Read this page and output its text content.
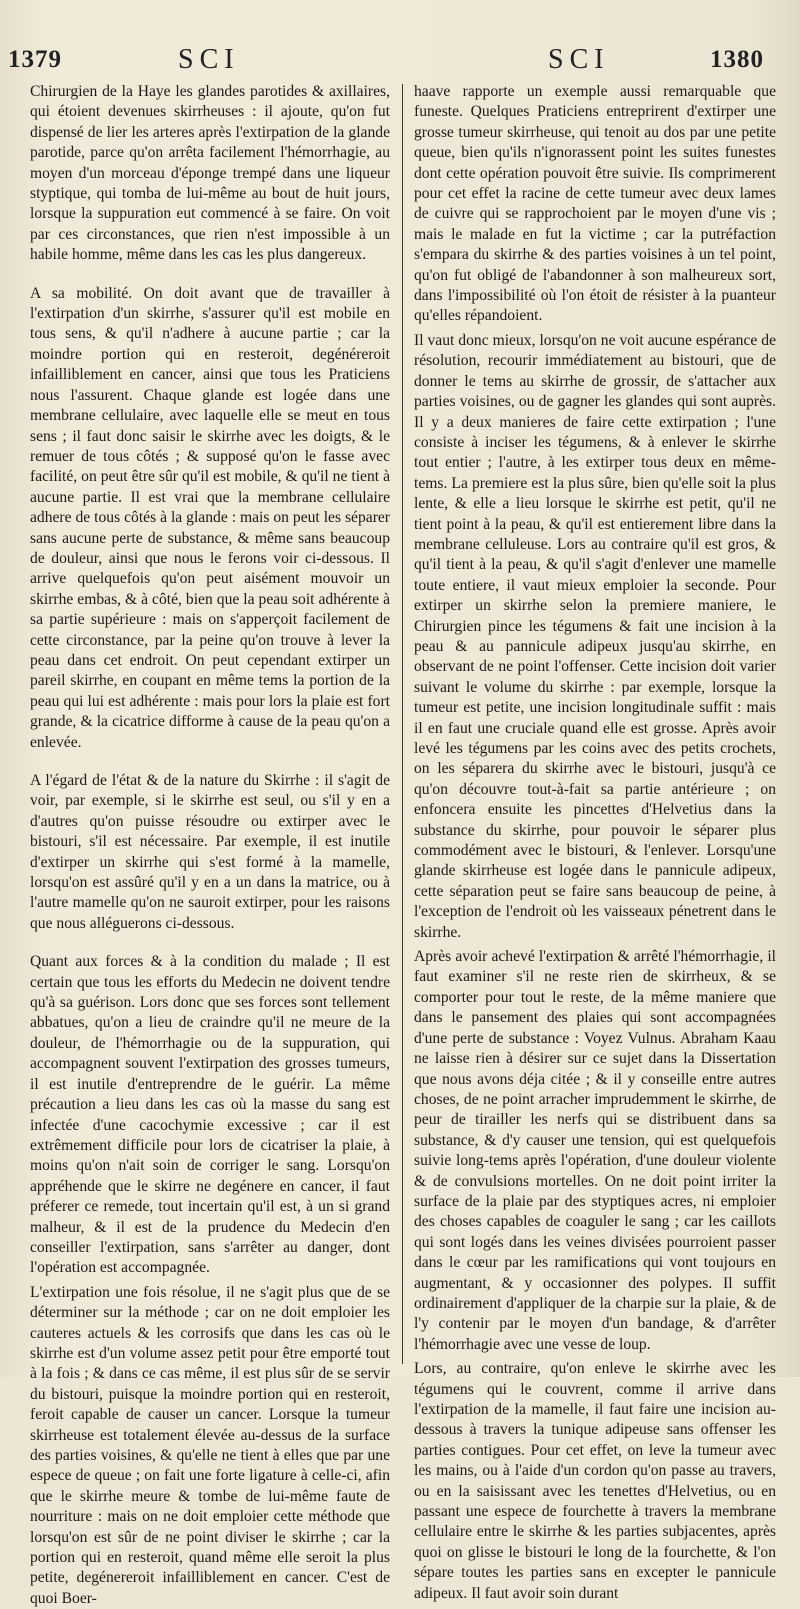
1379	SCI	SCI	1380

Chirurgien de la Haye les glandes parotides & axillaires, qui étoient devenues skirrheuses : il ajoute, qu'on fut dispensé de lier les arteres après l'extirpation de la glande parotide, parce qu'on arrêta facilement l'hémorrhagie, au moyen d'un morceau d'éponge trempé dans une liqueur styptique, qui tomba de lui-même au bout de huit jours, lorsque la suppuration eut commencé à se faire. On voit par ces circonstances, que rien n'est impossible à un habile homme, même dans les cas les plus dangereux.

A sa mobilité. On doit avant que de travailler à l'extirpation d'un skirrhe, s'assurer qu'il est mobile en tous sens, & qu'il n'adhere à aucune partie ; car la moindre portion qui en resteroit, degénéreroit infailliblement en cancer, ainsi que tous les Praticiens nous l'assurent. Chaque glande est logée dans une membrane cellulaire, avec laquelle elle se meut en tous sens ; il faut donc saisir le skirrhe avec les doigts, & le remuer de tous côtés ; & supposé qu'on le fasse avec facilité, on peut être sûr qu'il est mobile, & qu'il ne tient à aucune partie. Il est vrai que la membrane cellulaire adhere de tous côtés à la glande : mais on peut les séparer sans aucune perte de substance, & même sans beaucoup de douleur, ainsi que nous le ferons voir ci-dessous. Il arrive quelquefois qu'on peut aisément mouvoir un skirrhe embas, & à côté, bien que la peau soit adhérente à sa partie supérieure : mais on s'apperçoit facilement de cette circonstance, par la peine qu'on trouve à lever la peau dans cet endroit. On peut cependant extirper un pareil skirrhe, en coupant en même tems la portion de la peau qui lui est adhérente : mais pour lors la plaie est fort grande, & la cicatrice difforme à cause de la peau qu'on a enlevée.

A l'égard de l'état & de la nature du Skirrhe : il s'agit de voir, par exemple, si le skirrhe est seul, ou s'il y en a d'autres qu'on puisse résoudre ou extirper avec le bistouri, s'il est nécessaire. Par exemple, il est inutile d'extirper un skirrhe qui s'est formé à la mamelle, lorsqu'on est assûré qu'il y en a un dans la matrice, ou à l'autre mamelle qu'on ne sauroit extirper, pour les raisons que nous alléguerons ci-dessous.

Quant aux forces & à la condition du malade ; Il est certain que tous les efforts du Medecin ne doivent tendre qu'à sa guérison. Lors donc que ses forces sont tellement abbatues, qu'on a lieu de craindre qu'il ne meure de la douleur, de l'hémorrhagie ou de la suppuration, qui accompagnent souvent l'extirpation des grosses tumeurs, il est inutile d'entreprendre de le guérir. La même précaution a lieu dans les cas où la masse du sang est infectée d'une cacochymie excessive ; car il est extrêmement difficile pour lors de cicatriser la plaie, à moins qu'on n'ait soin de corriger le sang. Lorsqu'on appréhende que le skirre ne degénere en cancer, il faut préferer ce remede, tout incertain qu'il est, à un si grand malheur, & il est de la prudence du Medecin d'en conseiller l'extirpation, sans s'arrêter au danger, dont l'opération est accompagnée.

L'extirpation une fois résolue, il ne s'agit plus que de se déterminer sur la méthode ; car on ne doit emploier les cauteres actuels & les corrosifs que dans les cas où le skirrhe est d'un volume assez petit pour être emporté tout à la fois ; & dans ce cas même, il est plus sûr de se servir du bistouri, puisque la moindre portion qui en resteroit, feroit capable de causer un cancer. Lorsque la tumeur skirrheuse est totalement élevée au-dessus de la surface des parties voisines, & qu'elle ne tient à elles que par une espece de queue ; on fait une forte ligature à celle-ci, afin que le skirrhe meure & tombe de lui-même faute de nourriture : mais on ne doit emploier cette méthode que lorsqu'on est sûr de ne point diviser le skirrhe ; car la portion qui en resteroit, quand même elle seroit la plus petite, degénereroit infailliblement en cancer. C'est de quoi Boer-

haave rapporte un exemple aussi remarquable que funeste. Quelques Praticiens entreprirent d'extirper une grosse tumeur skirrheuse, qui tenoit au dos par une petite queue, bien qu'ils n'ignorassent point les suites funestes dont cette opération pouvoit être suivie. Ils comprimerent pour cet effet la racine de cette tumeur avec deux lames de cuivre qui se rapprochoient par le moyen d'une vis ; mais le malade en fut la victime ; car la putréfaction s'empara du skirrhe & des parties voisines à un tel point, qu'on fut obligé de l'abandonner à son malheureux sort, dans l'impossibilité où l'on étoit de résister à la puanteur qu'elles répandoient.

Il vaut donc mieux, lorsqu'on ne voit aucune espérance de résolution, recourir immédiatement au bistouri, que de donner le tems au skirrhe de grossir, de s'attacher aux parties voisines, ou de gagner les glandes qui sont auprès. Il y a deux manieres de faire cette extirpation ; l'une consiste à inciser les tégumens, & à enlever le skirrhe tout entier ; l'autre, à les extirper tous deux en même-tems. La premiere est la plus sûre, bien qu'elle soit la plus lente, & elle a lieu lorsque le skirrhe est petit, qu'il ne tient point à la peau, & qu'il est entierement libre dans la membrane celluleuse. Lors au contraire qu'il est gros, & qu'il tient à la peau, & qu'il s'agit d'enlever une mamelle toute entiere, il vaut mieux emploier la seconde. Pour extirper un skirrhe selon la premiere maniere, le Chirurgien pince les tégumens & fait une incision à la peau & au pannicule adipeux jusqu'au skirrhe, en observant de ne point l'offenser. Cette incision doit varier suivant le volume du skirrhe : par exemple, lorsque la tumeur est petite, une incision longitudinale suffit : mais il en faut une cruciale quand elle est grosse. Après avoir levé les tégumens par les coins avec des petits crochets, on les séparera du skirrhe avec le bistouri, jusqu'à ce qu'on découvre tout-à-fait sa partie antérieure ; on enfoncera ensuite les pincettes d'Helvetius dans la substance du skirrhe, pour pouvoir le séparer plus commodément avec le bistouri, & l'enlever. Lorsqu'une glande skirrheuse est logée dans le pannicule adipeux, cette séparation peut se faire sans beaucoup de peine, à l'exception de l'endroit où les vaisseaux pénetrent dans le skirrhe.

Après avoir achevé l'extirpation & arrêté l'hémorrhagie, il faut examiner s'il ne reste rien de skirrheux, & se comporter pour tout le reste, de la même maniere que dans le pansement des plaies qui sont accompagnées d'une perte de substance : Voyez Vulnus. Abraham Kaau ne laisse rien à désirer sur ce sujet dans la Dissertation que nous avons déja citée ; & il y conseille entre autres choses, de ne point arracher imprudemment le skirrhe, de peur de tirailler les nerfs qui se distribuent dans sa substance, & d'y causer une tension, qui est quelquefois suivie long-tems après l'opération, d'une douleur violente & de convulsions mortelles. On ne doit point irriter la surface de la plaie par des styptiques acres, ni emploier des choses capables de coaguler le sang ; car les caillots qui sont logés dans les veines divisées pourroient passer dans le cœur par les ramifications qui vont toujours en augmentant, & y occasionner des polypes. Il suffit ordinairement d'appliquer de la charpie sur la plaie, & de l'y contenir par le moyen d'un bandage, & d'arrêter l'hémorrhagie avec une vesse de loup.

Lors, au contraire, qu'on enleve le skirrhe avec les tégumens qui le couvrent, comme il arrive dans l'extirpation de la mamelle, il faut faire une incision au-dessous à travers la tunique adipeuse sans offenser les parties contigues. Pour cet effet, on leve la tumeur avec les mains, ou à l'aide d'un cordon qu'on passe au travers, ou en la saisissant avec les tenettes d'Helvetius, ou en passant une espece de fourchette à travers la membrane cellulaire entre le skirrhe & les parties subjacentes, après quoi on glisse le bistouri le long de la fourchette, & l'on sépare toutes les parties sans en excepter le pannicule adipeux. Il faut avoir soin durant
